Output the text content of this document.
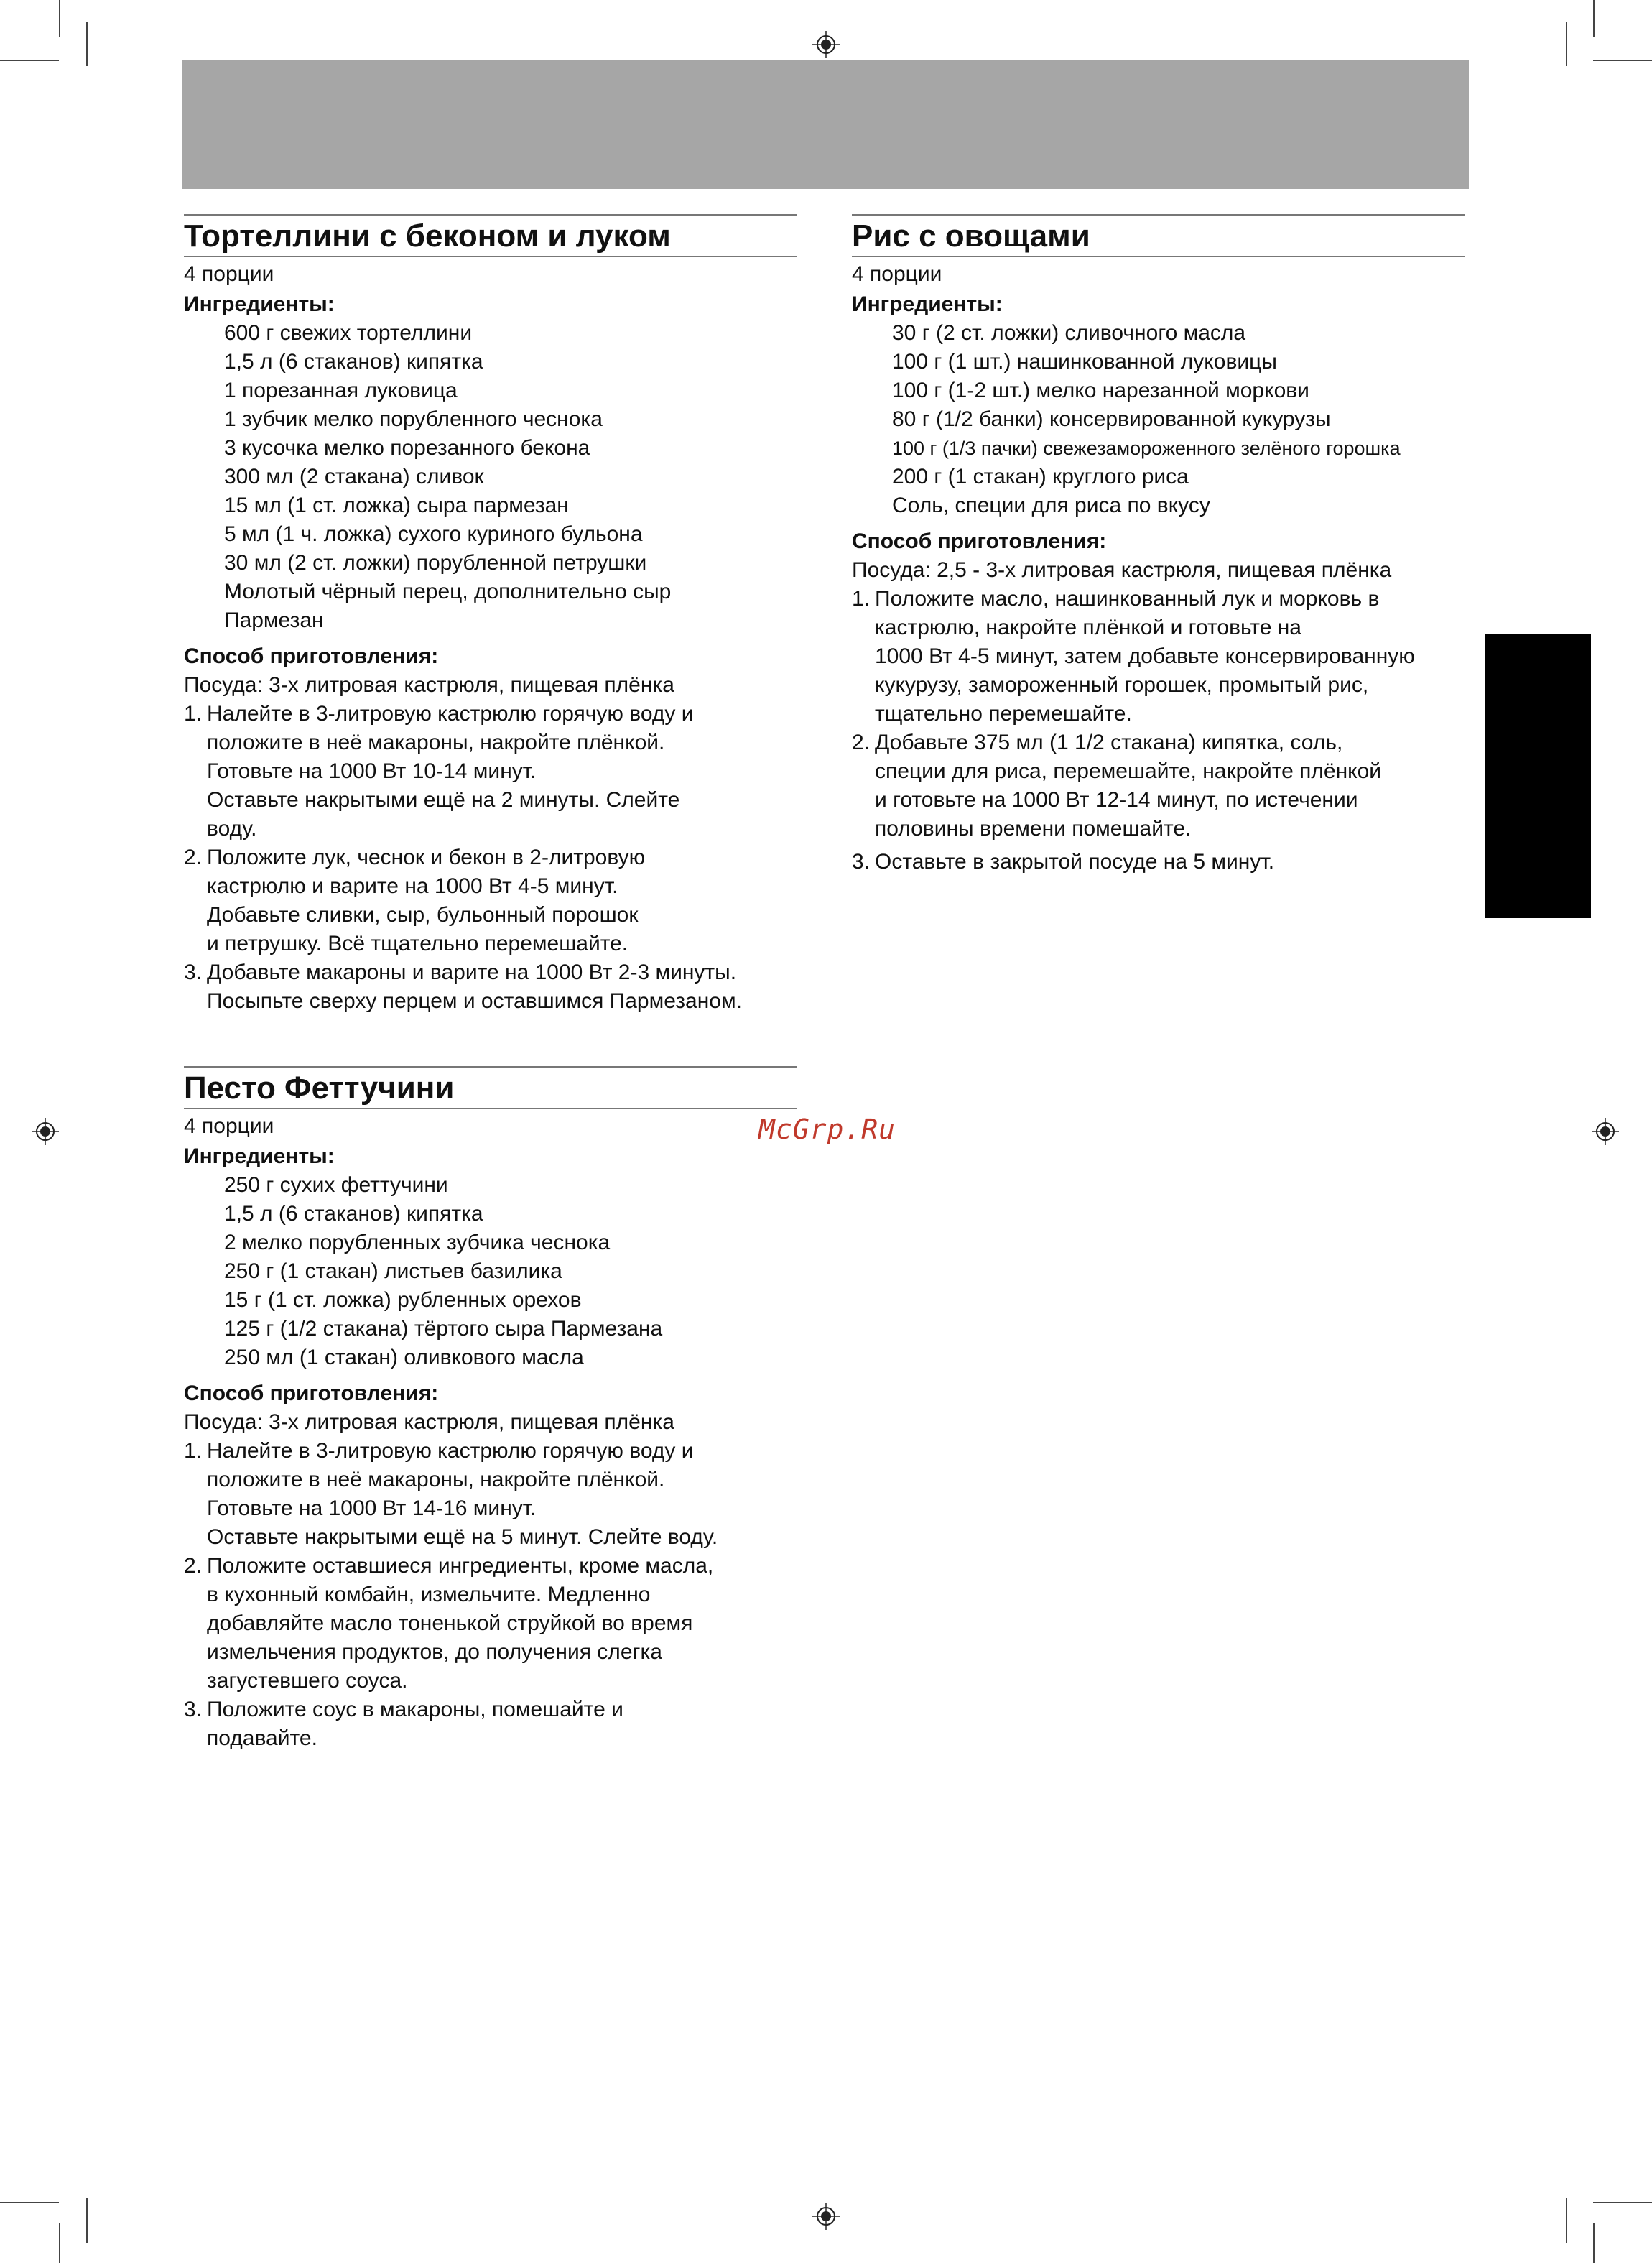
Тортеллини с беконом и луком
4 порции
Ингредиенты:
600 г свежих тортеллини
1,5 л (6 стаканов) кипятка
1 порезанная луковица
1 зубчик мелко порубленного чеснока
3 кусочка мелко порезанного бекона
300 мл (2 стакана) сливок
15 мл (1 ст. ложка) сыра пармезан
5 мл (1 ч. ложка) сухого куриного бульона
30 мл (2 ст. ложки) порубленной петрушки
Молотый чёрный перец, дополнительно сыр
Пармезан
Способ приготовления:
Посуда: 3-х литровая кастрюля, пищевая плёнка
1. Налейте в 3-литровую кастрюлю горячую воду и
положите в неё макароны, накройте плёнкой.
Готовьте на 1000 Вт 10-14 минут.
Оставьте накрытыми ещё на 2 минуты. Слейте
воду.
2. Положите лук, чеснок и бекон в 2-литровую
кастрюлю и варите на 1000 Вт 4-5 минут.
Добавьте сливки, сыр, бульонный порошок
и петрушку. Всё тщательно перемешайте.
3. Добавьте макароны и варите на 1000 Вт 2-3 минуты.
Посыпьте сверху перцем и оставшимся Пармезаном.
Песто Феттучини
4 порции
Ингредиенты:
250 г сухих феттучини
1,5 л (6 стаканов) кипятка
2 мелко порубленных зубчика чеснока
250 г (1 стакан) листьев базилика
15 г (1 ст. ложка) рубленных орехов
125 г (1/2 стакана) тёртого сыра Пармезана
250 мл (1 стакан) оливкового масла
Способ приготовления:
Посуда: 3-х литровая кастрюля, пищевая плёнка
1. Налейте в 3-литровую кастрюлю горячую воду и
положите в неё макароны, накройте плёнкой.
Готовьте на 1000 Вт 14-16 минут.
Оставьте накрытыми ещё на 5 минут. Слейте воду.
2. Положите оставшиеся ингредиенты, кроме масла,
в кухонный комбайн, измельчите. Медленно
добавляйте масло тоненькой струйкой во время
измельчения продуктов, до получения слегка
загустевшего соуса.
3. Положите соус в макароны, помешайте и
подавайте.
Рис с овощами
4 порции
Ингредиенты:
30 г (2 ст. ложки) сливочного масла
100 г (1 шт.) нашинкованной луковицы
100 г (1-2 шт.) мелко нарезанной моркови
80 г (1/2 банки) консервированной кукурузы
100 г (1/3 пачки) свежезамороженного зелёного горошка
200 г (1 стакан) круглого риса
Соль, специи для риса по вкусу
Способ приготовления:
Посуда: 2,5 - 3-х литровая кастрюля, пищевая плёнка
1. Положите масло, нашинкованный лук и морковь в
кастрюлю, накройте плёнкой и готовьте на
1000 Вт 4-5 минут, затем добавьте консервированную
кукурузу, замороженный горошек, промытый рис,
тщательно перемешайте.
2. Добавьте 375 мл (1 1/2 стакана) кипятка, соль,
специи для риса, перемешайте, накройте плёнкой
и готовьте на 1000 Вт 12-14 минут, по истечении
половины времени помешайте.
3. Оставьте в закрытой посуде на 5 минут.
McGrp.Ru
